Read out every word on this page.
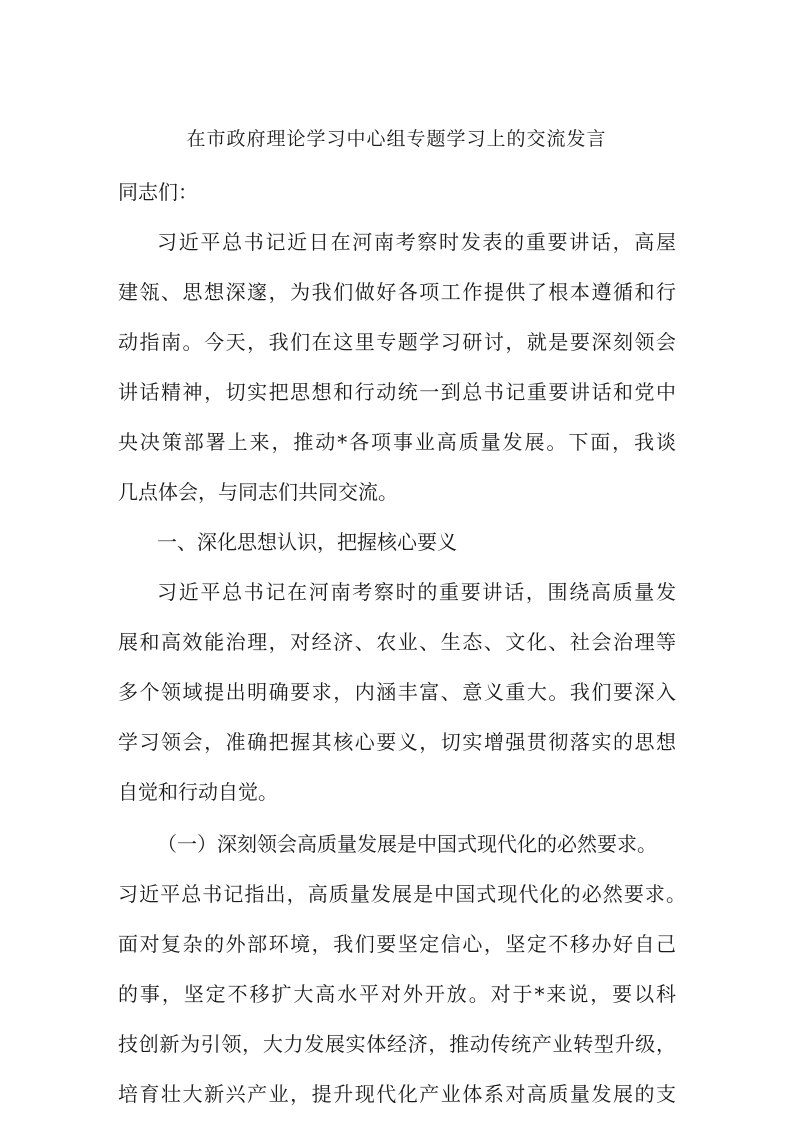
在市政府理论学习中心组专题学习上的交流发言
同志们：
习近平总书记近日在河南考察时发表的重要讲话，高屋
建瓴、思想深邃，为我们做好各项工作提供了根本遵循和行
动指南。今天，我们在这里专题学习研讨，就是要深刻领会
讲话精神，切实把思想和行动统一到总书记重要讲话和党中
央决策部署上来，推动*各项事业高质量发展。下面，我谈
几点体会，与同志们共同交流。
一、深化思想认识，把握核心要义
习近平总书记在河南考察时的重要讲话，围绕高质量发
展和高效能治理，对经济、农业、生态、文化、社会治理等
多个领域提出明确要求，内涵丰富、意义重大。我们要深入
学习领会，准确把握其核心要义，切实增强贯彻落实的思想
自觉和行动自觉。
（一）深刻领会高质量发展是中国式现代化的必然要求。
习近平总书记指出，高质量发展是中国式现代化的必然要求。
面对复杂的外部环境，我们要坚定信心，坚定不移办好自己
的事，坚定不移扩大高水平对外开放。对于*来说，要以科
技创新为引领，大力发展实体经济，推动传统产业转型升级，
培育壮大新兴产业，提升现代化产业体系对高质量发展的支
